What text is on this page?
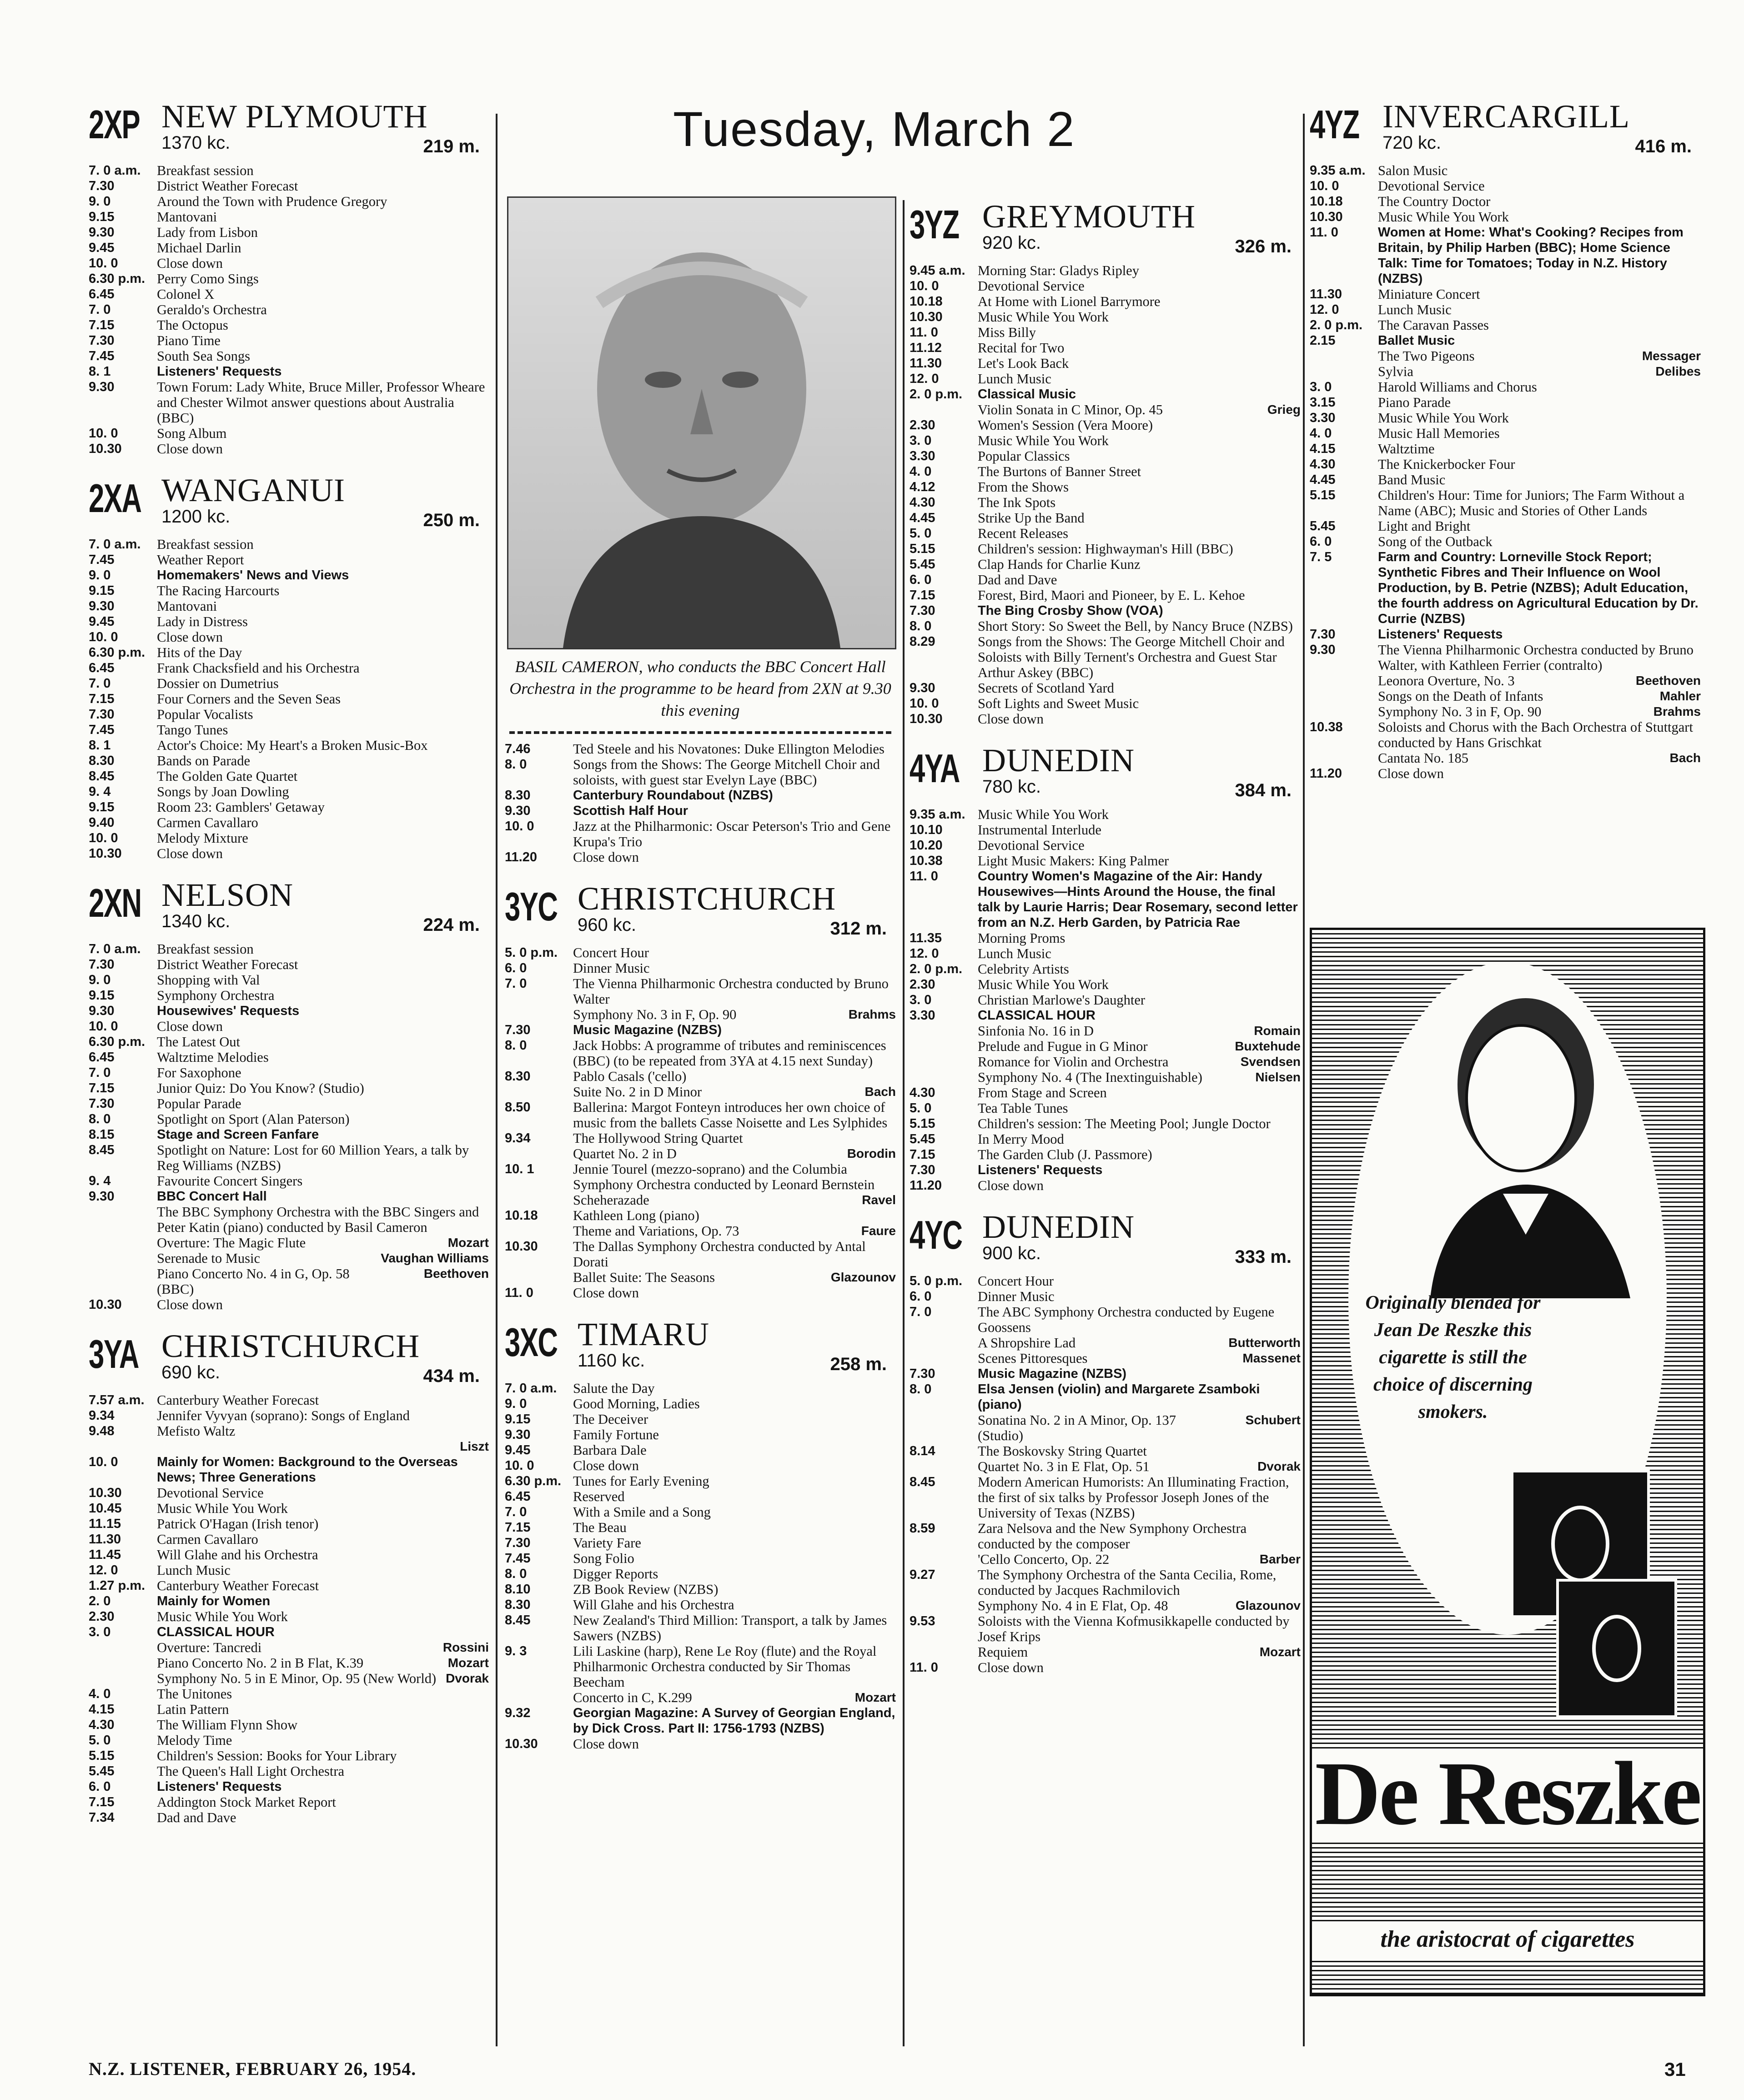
Tuesday, March 2
2XP NEW PLYMOUTH
1370 kc.	219 m.
7. 0 a.m.	Breakfast session
7.30	District Weather Forecast
9. 0	Around the Town with Prudence Gregory
9.15	Mantovani
9.30	Lady from Lisbon
9.45	Michael Darlin
10. 0	Close down
6.30 p.m. Perry Como Sings
6.45	Colonel X
7. 0	Geraldo's Orchestra
7.15	The Octopus
7.30	Piano Time
7.45	South Sea Songs
8. 1	Listeners' Requests
9.30	Town Forum: Lady White, Bruce Miller, Professor Wheare and Chester Wilmot answer questions about Australia (BBC)
10. 0	Song Album
10.30	Close down
2XA WANGANUI
1200 kc.	250 m.
7. 0 a.m.	Breakfast session
7.45	Weather Report
9. 0	Homemakers' News and Views
9.15	The Racing Harcourts
9.30	Mantovani
9.45	Lady in Distress
10. 0	Close down
6.30 p.m. Hits of the Day
6.45	Frank Chacksfield and his Orchestra
7. 0	Dossier on Dumetrius
7.15	Four Corners and the Seven Seas
7.30	Popular Vocalists
7.45	Tango Tunes
8. 1	Actor's Choice: My Heart's a Broken Music-Box
8.30	Bands on Parade
8.45	The Golden Gate Quartet
9. 4	Songs by Joan Dowling
9.15	Room 23: Gamblers' Getaway
9.40	Carmen Cavallaro
10. 0	Melody Mixture
10.30	Close down
2XN NELSON
1340 kc.	224 m.
7. 0 a.m.	Breakfast session
7.30	District Weather Forecast
9. 0	Shopping with Val
9.15	Symphony Orchestra
9.30	Housewives' Requests
10. 0	Close down
6.30 p.m. The Latest Out
6.45	Waltztime Melodies
7. 0	For Saxophone
7.15	Junior Quiz: Do You Know? (Studio)
7.30	Popular Parade
8. 0	Spotlight on Sport (Alan Paterson)
8.15	Stage and Screen Fanfare
8.45	Spotlight on Nature: Lost for 60 Million Years, a talk by Reg Williams (NZBS)
9. 4	Favourite Concert Singers
9.30	BBC Concert Hall
The BBC Symphony Orchestra with the BBC Singers and Peter Katin (piano) conducted by Basil Cameron
Overture: The Magic Flute	Mozart
Serenade to Music	Vaughan Williams
Piano Concerto No. 4 in G, Op. 58	Beethoven
(BBC)
10.30	Close down
3YA CHRISTCHURCH
690 kc.	434 m.
7.57 a.m. Canterbury Weather Forecast
9.34	Jennifer Vyvyan (soprano): Songs of England
9.48	Mefisto Waltz
Liszt
10. 0	Mainly for Women: Background to the Overseas News; Three Generations
10.30	Devotional Service
10.45	Music While You Work
11.15	Patrick O'Hagan (Irish tenor)
11.30	Carmen Cavallaro
11.45	Will Glahe and his Orchestra
12. 0	Lunch Music
1.27 p.m. Canterbury Weather Forecast
2. 0	Mainly for Women
2.30	Music While You Work
3. 0	CLASSICAL HOUR
Overture: Tancredi	Rossini
Piano Concerto No. 2 in B Flat, K.39	Mozart
Symphony No. 5 in E Minor, Op. 95 (New World) Dvorak
4. 0	The Unitones
4.15	Latin Pattern
4.30	The William Flynn Show
5. 0	Melody Time
5.15	Children's Session: Books for Your Library
5.45	The Queen's Hall Light Orchestra
6. 0	Listeners' Requests
7.15	Addington Stock Market Report
7.34	Dad and Dave
BASIL CAMERON, who conducts the BBC Concert Hall Orchestra in the programme to be heard from 2XN at 9.30 this evening
7.46	Ted Steele and his Novatones: Duke Ellington Melodies
8. 0	Songs from the Shows: The George Mitchell Choir and soloists, with guest star Evelyn Laye (BBC)
8.30	Canterbury Roundabout (NZBS)
9.30	Scottish Half Hour
10. 0	Jazz at the Philharmonic: Oscar Peterson's Trio and Gene Krupa's Trio
11.20	Close down
3YC CHRISTCHURCH
960 kc.	312 m.
5. 0 p.m.	Concert Hour
6. 0	Dinner Music
7. 0	The Vienna Philharmonic Orchestra conducted by Bruno Walter
Symphony No. 3 in F, Op. 90	Brahms
7.30	Music Magazine (NZBS)
8. 0	Jack Hobbs: A programme of tributes and reminiscences (BBC) (to be repeated from 3YA at 4.15 next Sunday)
8.30	Pablo Casals ('cello)
Suite No. 2 in D Minor	Bach
8.50	Ballerina: Margot Fonteyn introduces her own choice of music from the ballets Casse Noisette and Les Sylphides
9.34	The Hollywood String Quartet
Quartet No. 2 in D	Borodin
10. 1	Jennie Tourel (mezzo-soprano) and the Columbia Symphony Orchestra conducted by Leonard Bernstein
Scheherazade	Ravel
10.18	Kathleen Long (piano)
Theme and Variations, Op. 73	Faure
10.30	The Dallas Symphony Orchestra conducted by Antal Dorati
Ballet Suite: The Seasons	Glazounov
11. 0	Close down
3XC TIMARU
1160 kc.	258 m.
7. 0 a.m.	Salute the Day
9. 0	Good Morning, Ladies
9.15	The Deceiver
9.30	Family Fortune
9.45	Barbara Dale
10. 0	Close down
6.30 p.m. Tunes for Early Evening
6.45	Reserved
7. 0	With a Smile and a Song
7.15	The Beau
7.30	Variety Fare
7.45	Song Folio
8. 0	Digger Reports
8.10	ZB Book Review (NZBS)
8.30	Will Glahe and his Orchestra
8.45	New Zealand's Third Million: Transport, a talk by James Sawers (NZBS)
9. 3	Lili Laskine (harp), Rene Le Roy (flute) and the Royal Philharmonic Orchestra conducted by Sir Thomas Beecham
Concerto in C, K.299	Mozart
9.32	Georgian Magazine: A Survey of Georgian England, by Dick Cross. Part II: 1756-1793 (NZBS)
10.30	Close down
3YZ GREYMOUTH
920 kc.	326 m.
9.45 a.m. Morning Star: Gladys Ripley
10. 0	Devotional Service
10.18	At Home with Lionel Barrymore
10.30	Music While You Work
11. 0	Miss Billy
11.12	Recital for Two
11.30	Let's Look Back
12. 0	Lunch Music
2. 0 p.m.	Classical Music
Violin Sonata in C Minor, Op. 45	Grieg
2.30	Women's Session (Vera Moore)
3. 0	Music While You Work
3.30	Popular Classics
4. 0	The Burtons of Banner Street
4.12	From the Shows
4.30	The Ink Spots
4.45	Strike Up the Band
5. 0	Recent Releases
5.15	Children's session: Highwayman's Hill (BBC)
5.45	Clap Hands for Charlie Kunz
6. 0	Dad and Dave
7.15	Forest, Bird, Maori and Pioneer, by E. L. Kehoe
7.30	The Bing Crosby Show (VOA)
8. 0	Short Story: So Sweet the Bell, by Nancy Bruce (NZBS)
8.29	Songs from the Shows: The George Mitchell Choir and Soloists with Billy Ternent's Orchestra and Guest Star Arthur Askey (BBC)
9.30	Secrets of Scotland Yard
10. 0	Soft Lights and Sweet Music
10.30	Close down
4YA DUNEDIN
780 kc.	384 m.
9.35 a.m. Music While You Work
10.10	Instrumental Interlude
10.20	Devotional Service
10.38	Light Music Makers: King Palmer
11. 0	Country Women's Magazine of the Air: Handy Housewives—Hints Around the House, the final talk by Laurie Harris; Dear Rosemary, second letter from an N.Z. Herb Garden, by Patricia Rae
11.35	Morning Proms
12. 0	Lunch Music
2. 0 p.m.	Celebrity Artists
2.30	Music While You Work
3. 0	Christian Marlowe's Daughter
3.30	CLASSICAL HOUR
Sinfonia No. 16 in D	Romain
Prelude and Fugue in G Minor	Buxtehude
Romance for Violin and Orchestra	Svendsen
Symphony No. 4 (The Inextinguishable)	Nielsen
4.30	From Stage and Screen
5. 0	Tea Table Tunes
5.15	Children's session: The Meeting Pool; Jungle Doctor
5.45	In Merry Mood
7.15	The Garden Club (J. Passmore)
7.30	Listeners' Requests
11.20	Close down
4YC DUNEDIN
900 kc.	333 m.
5. 0 p.m.	Concert Hour
6. 0	Dinner Music
7. 0	The ABC Symphony Orchestra conducted by Eugene Goossens
A Shropshire Lad	Butterworth
Scenes Pittoresques	Massenet
7.30	Music Magazine (NZBS)
8. 0	Elsa Jensen (violin) and Margarete Zsamboki (piano)
Sonatina No. 2 in A Minor, Op. 137	Schubert
(Studio)
8.14	The Boskovsky String Quartet
Quartet No. 3 in E Flat, Op. 51	Dvorak
8.45	Modern American Humorists: An Illuminating Fraction, the first of six talks by Professor Joseph Jones of the University of Texas (NZBS)
8.59	Zara Nelsova and the New Symphony Orchestra conducted by the composer
'Cello Concerto, Op. 22	Barber
9.27	The Symphony Orchestra of the Santa Cecilia, Rome, conducted by Jacques Rachmilovich
Symphony No. 4 in E Flat, Op. 48	Glazounov
9.53	Soloists with the Vienna Kofmusikkapelle conducted by Josef Krips
Requiem	Mozart
11. 0	Close down
4YZ INVERCARGILL
720 kc.	416 m.
9.35 a.m. Salon Music
10. 0	Devotional Service
10.18	The Country Doctor
10.30	Music While You Work
11. 0	Women at Home: What's Cooking? Recipes from Britain, by Philip Harben (BBC); Home Science Talk: Time for Tomatoes; Today in N.Z. History (NZBS)
11.30	Miniature Concert
12. 0	Lunch Music
2. 0 p.m.	The Caravan Passes
2.15	Ballet Music
The Two Pigeons	Messager
Sylvia	Delibes
3. 0	Harold Williams and Chorus
3.15	Piano Parade
3.30	Music While You Work
4. 0	Music Hall Memories
4.15	Waltztime
4.30	The Knickerbocker Four
4.45	Band Music
5.15	Children's Hour: Time for Juniors; The Farm Without a Name (ABC); Music and Stories of Other Lands
5.45	Light and Bright
6. 0	Song of the Outback
7. 5	Farm and Country: Lorneville Stock Report; Synthetic Fibres and Their Influence on Wool Production, by B. Petrie (NZBS); Adult Education, the fourth address on Agricultural Education by Dr. Currie (NZBS)
7.30	Listeners' Requests
9.30	The Vienna Philharmonic Orchestra conducted by Bruno Walter, with Kathleen Ferrier (contralto)
Leonora Overture, No. 3	Beethoven
Songs on the Death of Infants	Mahler
Symphony No. 3 in F, Op. 90	Brahms
10.38	Soloists and Chorus with the Bach Orchestra of Stuttgart conducted by Hans Grischkat
Cantata No. 185	Bach
11.20	Close down
Originally blended for Jean De Reszke this cigarette is still the choice of discerning smokers.
De Reszke
the aristocrat of cigarettes
N.Z. LISTENER, FEBRUARY 26, 1954.	31
